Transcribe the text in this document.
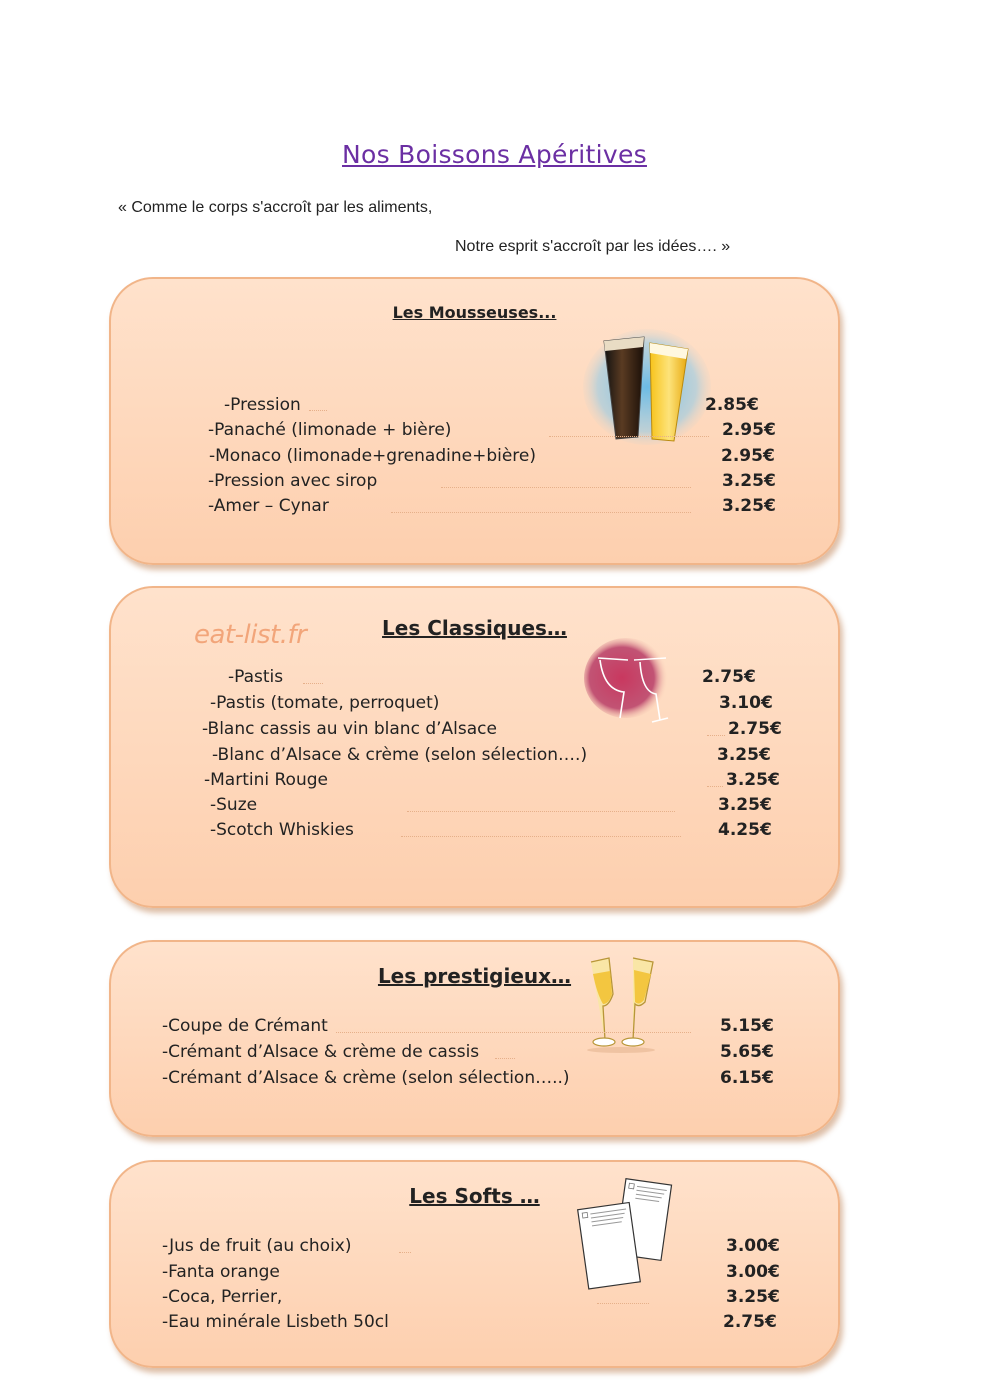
Nos Boissons Apéritives
« Comme le corps s'accroît par les aliments,
Notre esprit s'accroît par les idées…. »
Les Mousseuses...
-Pression	2.85€
-Panaché (limonade + bière)	2.95€
-Monaco (limonade+grenadine+bière)	2.95€
-Pression avec sirop	3.25€
-Amer – Cynar	3.25€
eat-list.fr	Les Classiques…
-Pastis	2.75€
-Pastis (tomate, perroquet)	3.10€
-Blanc cassis au vin blanc d’Alsace	2.75€
-Blanc d’Alsace & crème (selon sélection….)	3.25€
-Martini Rouge	3.25€
-Suze	3.25€
-Scotch Whiskies	4.25€
Les prestigieux…
-Coupe de Crémant	5.15€
-Crémant d’Alsace & crème de cassis	5.65€
-Crémant d’Alsace & crème (selon sélection…..)	6.15€
Les Softs …
-Jus de fruit (au choix)	3.00€
-Fanta orange	3.00€
-Coca, Perrier,	3.25€
-Eau minérale Lisbeth 50cl	2.75€
